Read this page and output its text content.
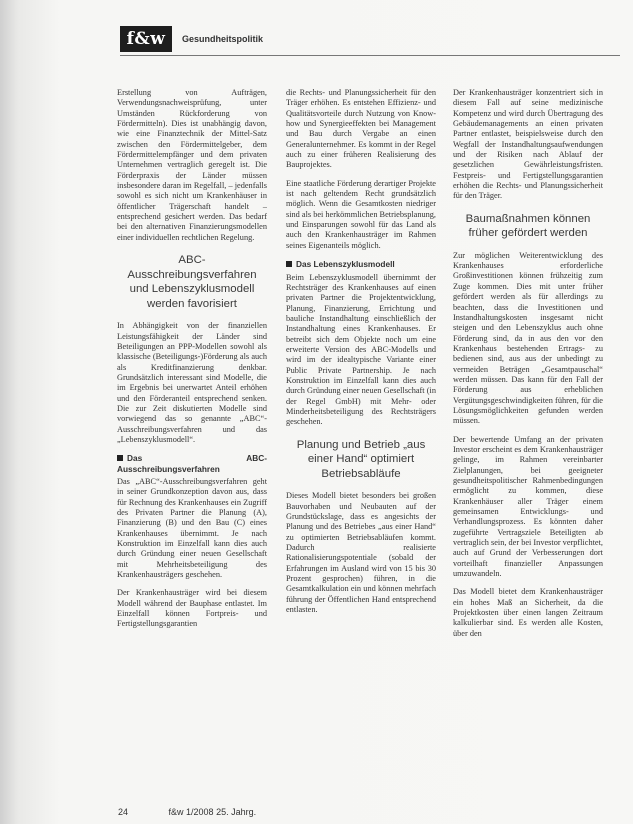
f&w	Gesundheitspolitik

Erstellung von Aufträgen, Verwendungsnachweisprüfung, unter Umständen Rückforderung von Fördermitteln). Dies ist unabhängig davon, wie eine Finanztechnik der Mittel-Satz zwischen den Fördermittelgeber, dem Fördermittelempfänger und dem privaten Unternehmen vertraglich geregelt ist. Die Förderpraxis der Länder müssen insbesondere daran im Regelfall, – jedenfalls sowohl es sich nicht um Krankenhäuser in öffentlicher Trägerschaft handelt – entsprechend gesichert werden. Das bedarf bei den alternativen Finanzierungsmodellen einer individuellen rechtlichen Regelung.

ABC-Ausschreibungsverfahren und Lebenszyklusmodell werden favorisiert

In Abhängigkeit von der finanziellen Leistungsfähigkeit der Länder sind Beteiligungen an PPP-Modellen sowohl als klassische (Beteiligungs-)Förderung als auch als Kreditfinanzierung denkbar. Grundsätzlich interessant sind Modelle, die im Ergebnis bei unerwartet Anteil erhöhen und den Förderanteil entsprechend senken. Die zur Zeit diskutierten Modelle sind vorwiegend das so genannte „ABC“-Ausschreibungsverfahren und das „Lebenszyklusmodell“.

Das ABC-Ausschreibungsverfahren

Das „ABC“-Ausschreibungsverfahren geht in seiner Grundkonzeption davon aus, dass für Rechnung des Krankenhauses ein Zugriff des Privaten Partner die Planung (A), Finanzierung (B) und den Bau (C) eines Krankenhauses übernimmt. Je nach Konstruktion im Einzelfall kann dies auch durch Gründung einer neuen Gesellschaft mit Mehrheitsbeteiligung des Krankenhausträgers geschehen.

Der Krankenhausträger wird bei diesem Modell während der Bauphase entlastet. Im Einzelfall können Fortpreis- und Fertigstellungsgarantien

die Rechts- und Planungssicherheit für den Träger erhöhen. Es entstehen Effizienz- und Qualitätsvorteile durch Nutzung von Know-how und Synergieeffekten bei Management und Bau durch Vergabe an einen Generalunternehmer. Es kommt in der Regel auch zu einer früheren Realisierung des Bauprojektes.

Eine staatliche Förderung derartiger Projekte ist nach geltendem Recht grundsätzlich möglich. Wenn die Gesamtkosten niedriger sind als bei herkömmlichen Betriebsplanung, und Einsparungen sowohl für das Land als auch den Krankenhausträger im Rahmen seines Eigenanteils möglich.

Das Lebenszyklusmodell

Beim Lebenszyklusmodell übernimmt der Rechtsträger des Krankenhauses auf einen privaten Partner die Projektentwicklung, Planung, Finanzierung, Errichtung und bauliche Instandhaltung einschließlich der Instandhaltung eines Krankenhauses. Er betreibt sich dem Objekte noch um eine erweiterte Version des ABC-Modells und wird im der idealtypische Variante einer Public Private Partnership. Je nach Konstruktion im Einzelfall kann dies auch durch Gründung einer neuen Gesellschaft (in der Regel GmbH) mit Mehr- oder Minderheitsbeteiligung des Rechtsträgers geschehen.

Planung und Betrieb „aus einer Hand“ optimiert Betriebsabläufe

Dieses Modell bietet besonders bei großen Bauvorhaben und Neubauten auf der Grundstückslage, dass es angesichts der Planung und des Betriebes „aus einer Hand“ zu optimierten Betriebsabläufen kommt. Dadurch realisierte Rationalisierungspotentiale (sobald der Erfahrungen im Ausland wird von 15 bis 30 Prozent gesprochen) führen, in die Gesamtkalkulation ein und können mehrfach führung der Öffentlichen Hand entsprechend entlasten.

Der Krankenhausträger konzentriert sich in diesem Fall auf seine medizinische Kompetenz und wird durch Übertragung des Gebäudemanagements an einen privaten Partner entlastet, beispielsweise durch den Wegfall der Instandhaltungsaufwendungen und der Risiken nach Ablauf der gesetzlichen Gewährleistungsfristen. Festpreis- und Fertigstellungsgarantien erhöhen die Rechts- und Planungssicherheit für den Träger.

Baumaßnahmen können früher gefördert werden

Zur möglichen Weiterentwicklung des Krankenhauses erforderliche Großinvestitionen können frühzeitig zum Zuge kommen. Dies mit unter früher gefördert werden als für allerdings zu beachten, dass die Investitionen und Instandhaltungskosten insgesamt nicht steigen und den Lebenszyklus auch ohne Förderung sind, da in aus den vor den Krankenhaus bestehenden Ertrags- zu bedienen sind, aus aus der unbedingt zu vermeiden Beträgen „Gesamtpauschal“ werden müssen. Das kann für den Fall der Förderung aus erheblichen Vergütungsgeschwindigkeiten führen, für die Lösungsmöglichkeiten gefunden werden müssen.

Der bewertende Umfang an der privaten Investor erscheint es dem Krankenhausträger gelinge, im Rahmen vereinbarter Zielplanungen, bei geeigneter gesundheitspolitischer Rahmenbedingungen ermöglicht zu kommen, diese Krankenhäuser aller Träger einem gemeinsamen Entwicklungs- und Verhandlungsprozess. Es könnten daher zugeführte Vertragsziele Beteiligten ab vertraglich sein, der bei Investor verpflichtet, auch auf Grund der Verbesserungen dort vorteilhaft finanzieller Anpassungen umzuwandeln.

Das Modell bietet dem Krankenhausträger ein hohes Maß an Sicherheit, da die Projektkosten über einen langen Zeitraum kalkulierbar sind. Es werden alle Kosten, über den

24	f&w 1/2008 25. Jahrg.
